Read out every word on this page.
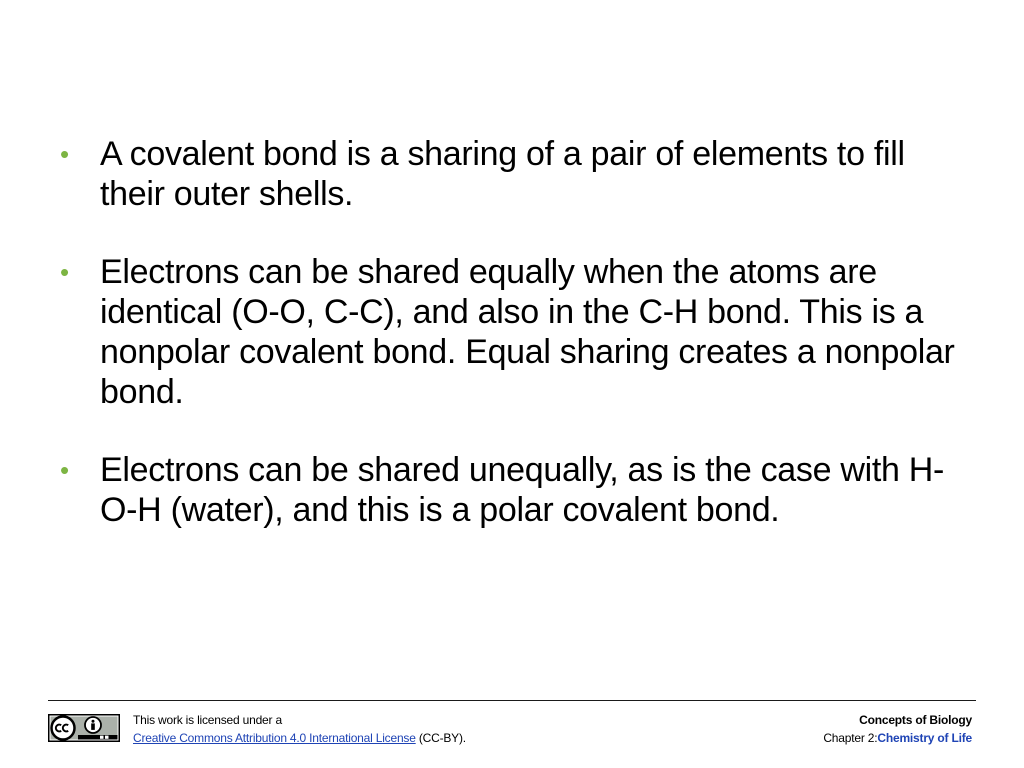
• A covalent bond is a sharing of a pair of elements to fill their outer shells.
• Electrons can be shared equally when the atoms are identical (O-O, C-C), and also in the C-H bond. This is a nonpolar covalent bond. Equal sharing creates a nonpolar bond.
• Electrons can be shared unequally, as is the case with H-O-H (water), and this is a polar covalent bond.
This work is licensed under a
Creative Commons Attribution 4.0 International License (CC-BY).
Concepts of Biology
Chapter 2:Chemistry of Life
